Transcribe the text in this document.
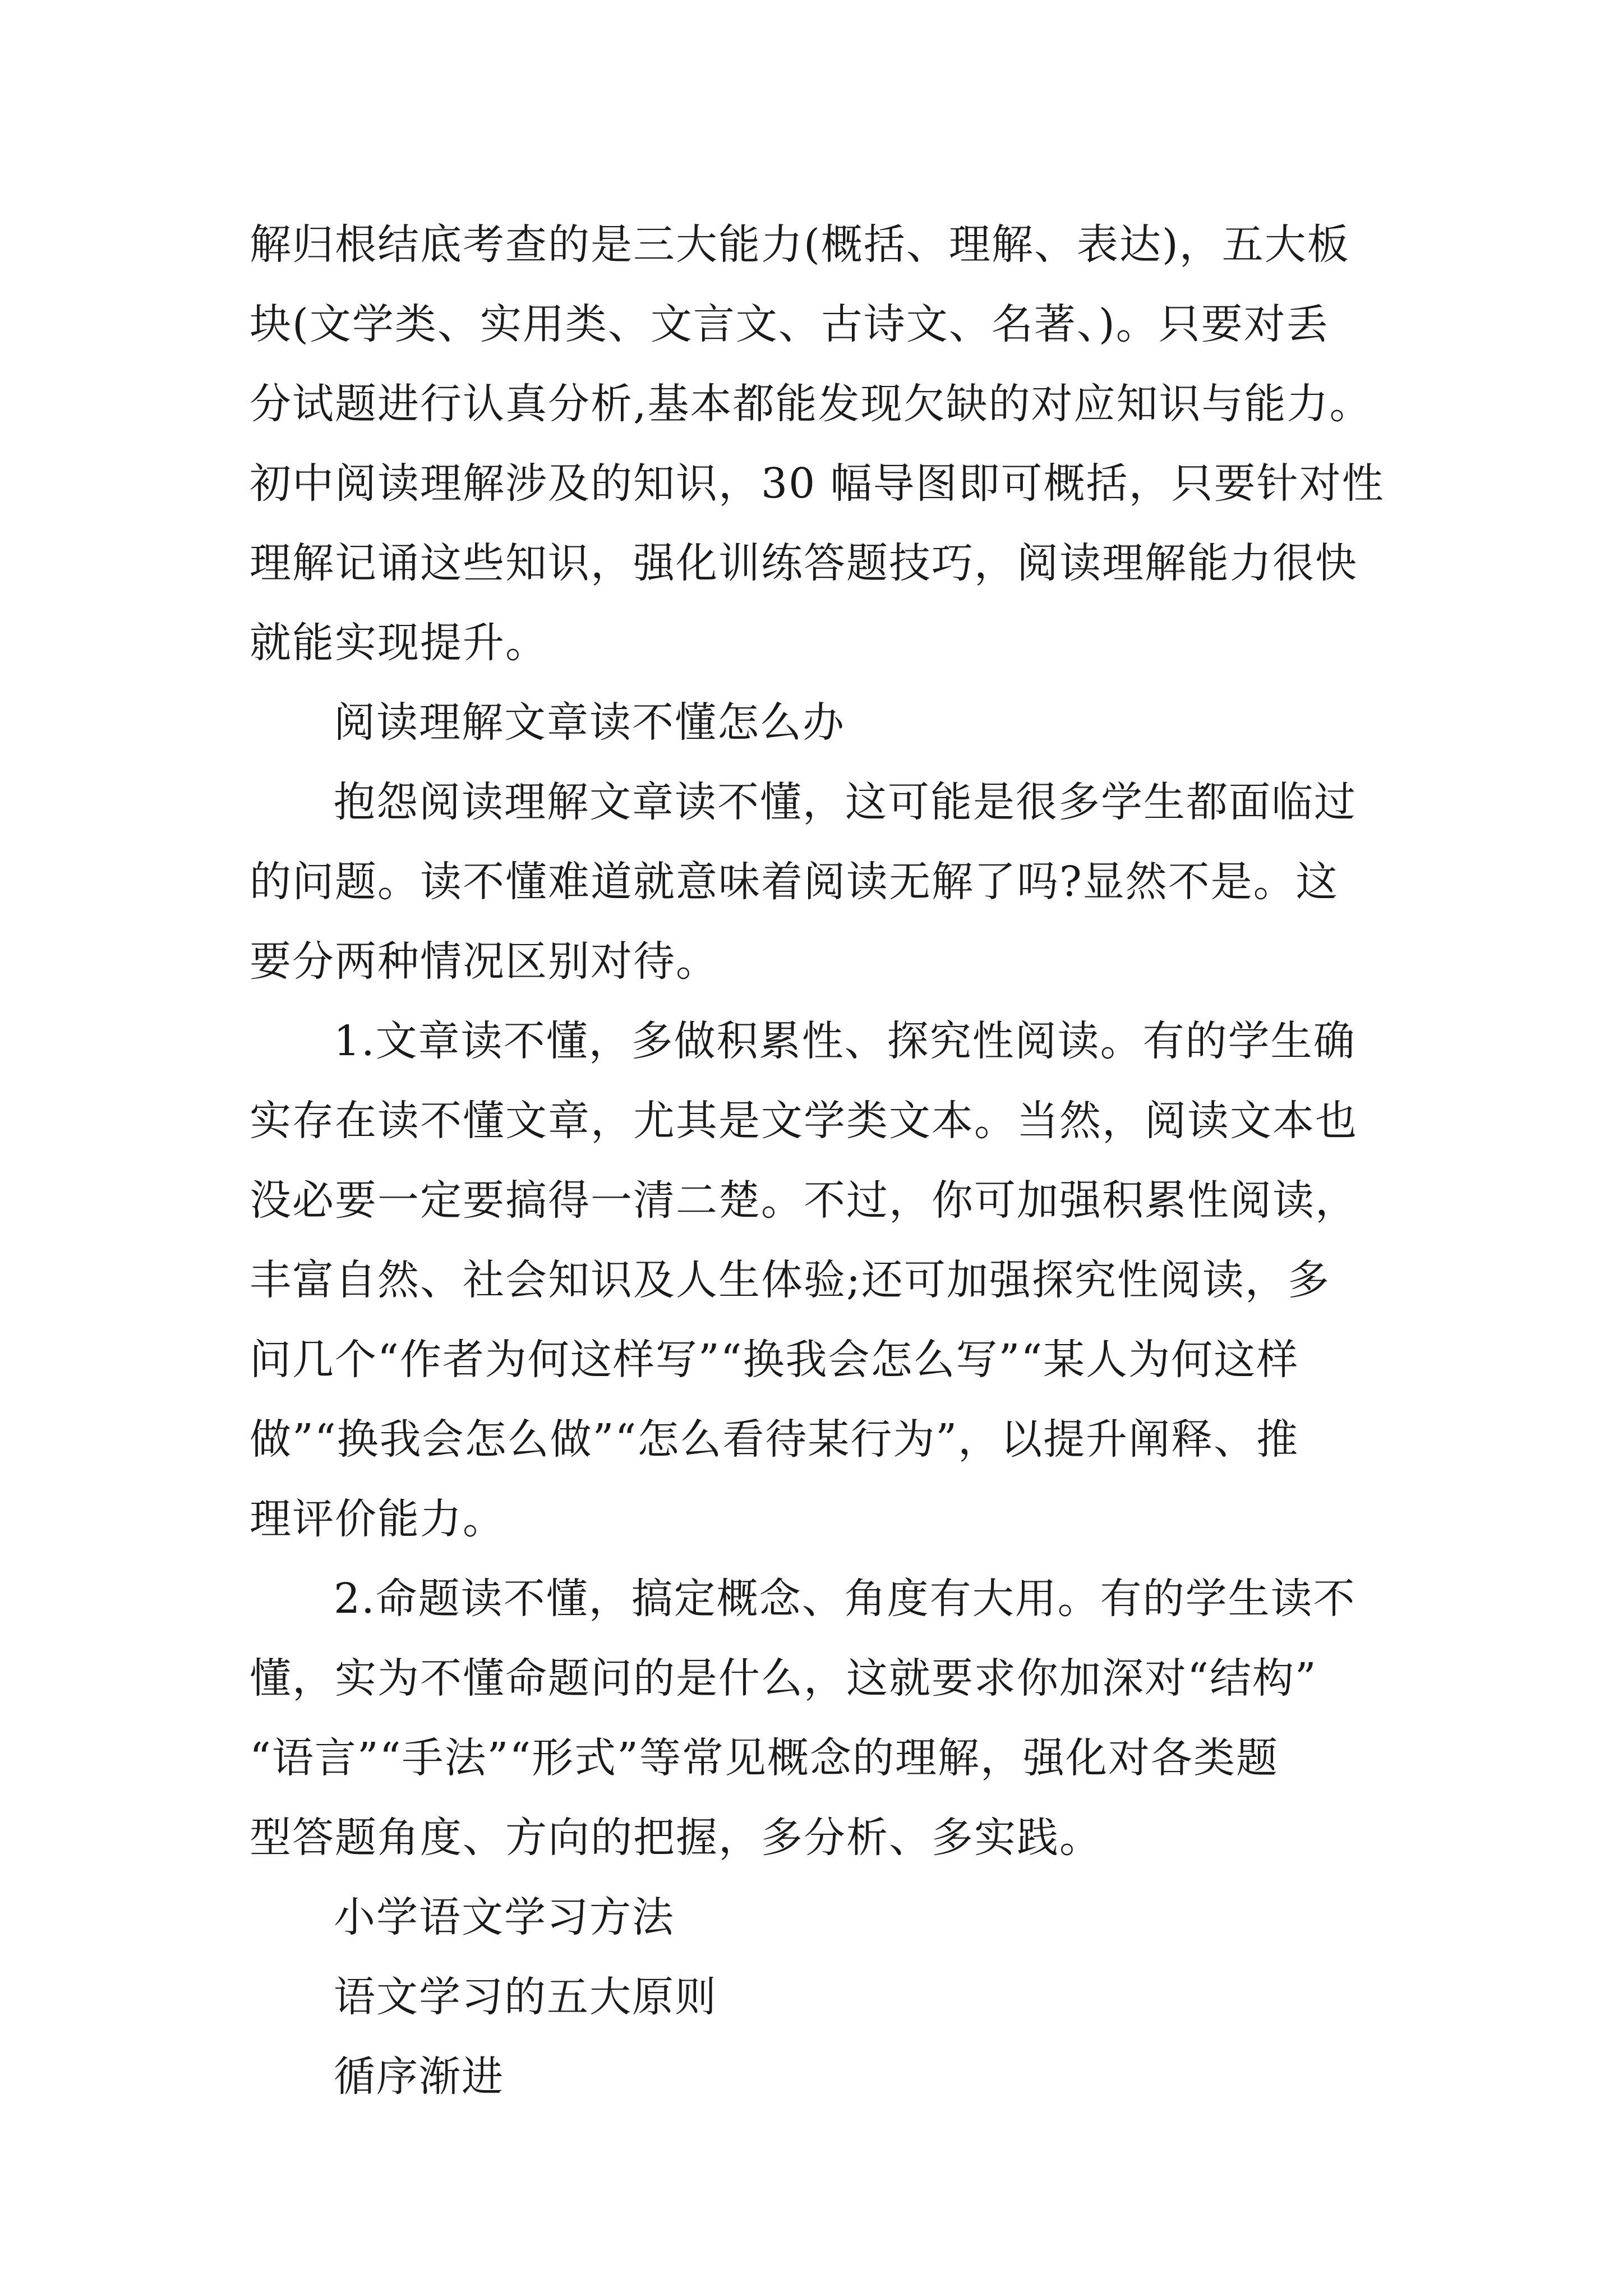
解归根结底考查的是三大能力(概括、理解、表达)，五大板
块(文学类、实用类、文言文、古诗文、名著、)。只要对丢
分试题进行认真分析,基本都能发现欠缺的对应知识与能力。
初中阅读理解涉及的知识，30 幅导图即可概括，只要针对性
理解记诵这些知识，强化训练答题技巧，阅读理解能力很快
就能实现提升。
阅读理解文章读不懂怎么办
抱怨阅读理解文章读不懂，这可能是很多学生都面临过
的问题。读不懂难道就意味着阅读无解了吗?显然不是。这
要分两种情况区别对待。
1.文章读不懂，多做积累性、探究性阅读。有的学生确
实存在读不懂文章，尤其是文学类文本。当然，阅读文本也
没必要一定要搞得一清二楚。不过，你可加强积累性阅读，
丰富自然、社会知识及人生体验;还可加强探究性阅读，多
问几个“作者为何这样写”“换我会怎么写”“某人为何这样
做”“换我会怎么做”“怎么看待某行为”，以提升阐释、推
理评价能力。
2.命题读不懂，搞定概念、角度有大用。有的学生读不
懂，实为不懂命题问的是什么，这就要求你加深对“结构”
“语言”“手法”“形式”等常见概念的理解，强化对各类题
型答题角度、方向的把握，多分析、多实践。
小学语文学习方法
语文学习的五大原则
循序渐进
